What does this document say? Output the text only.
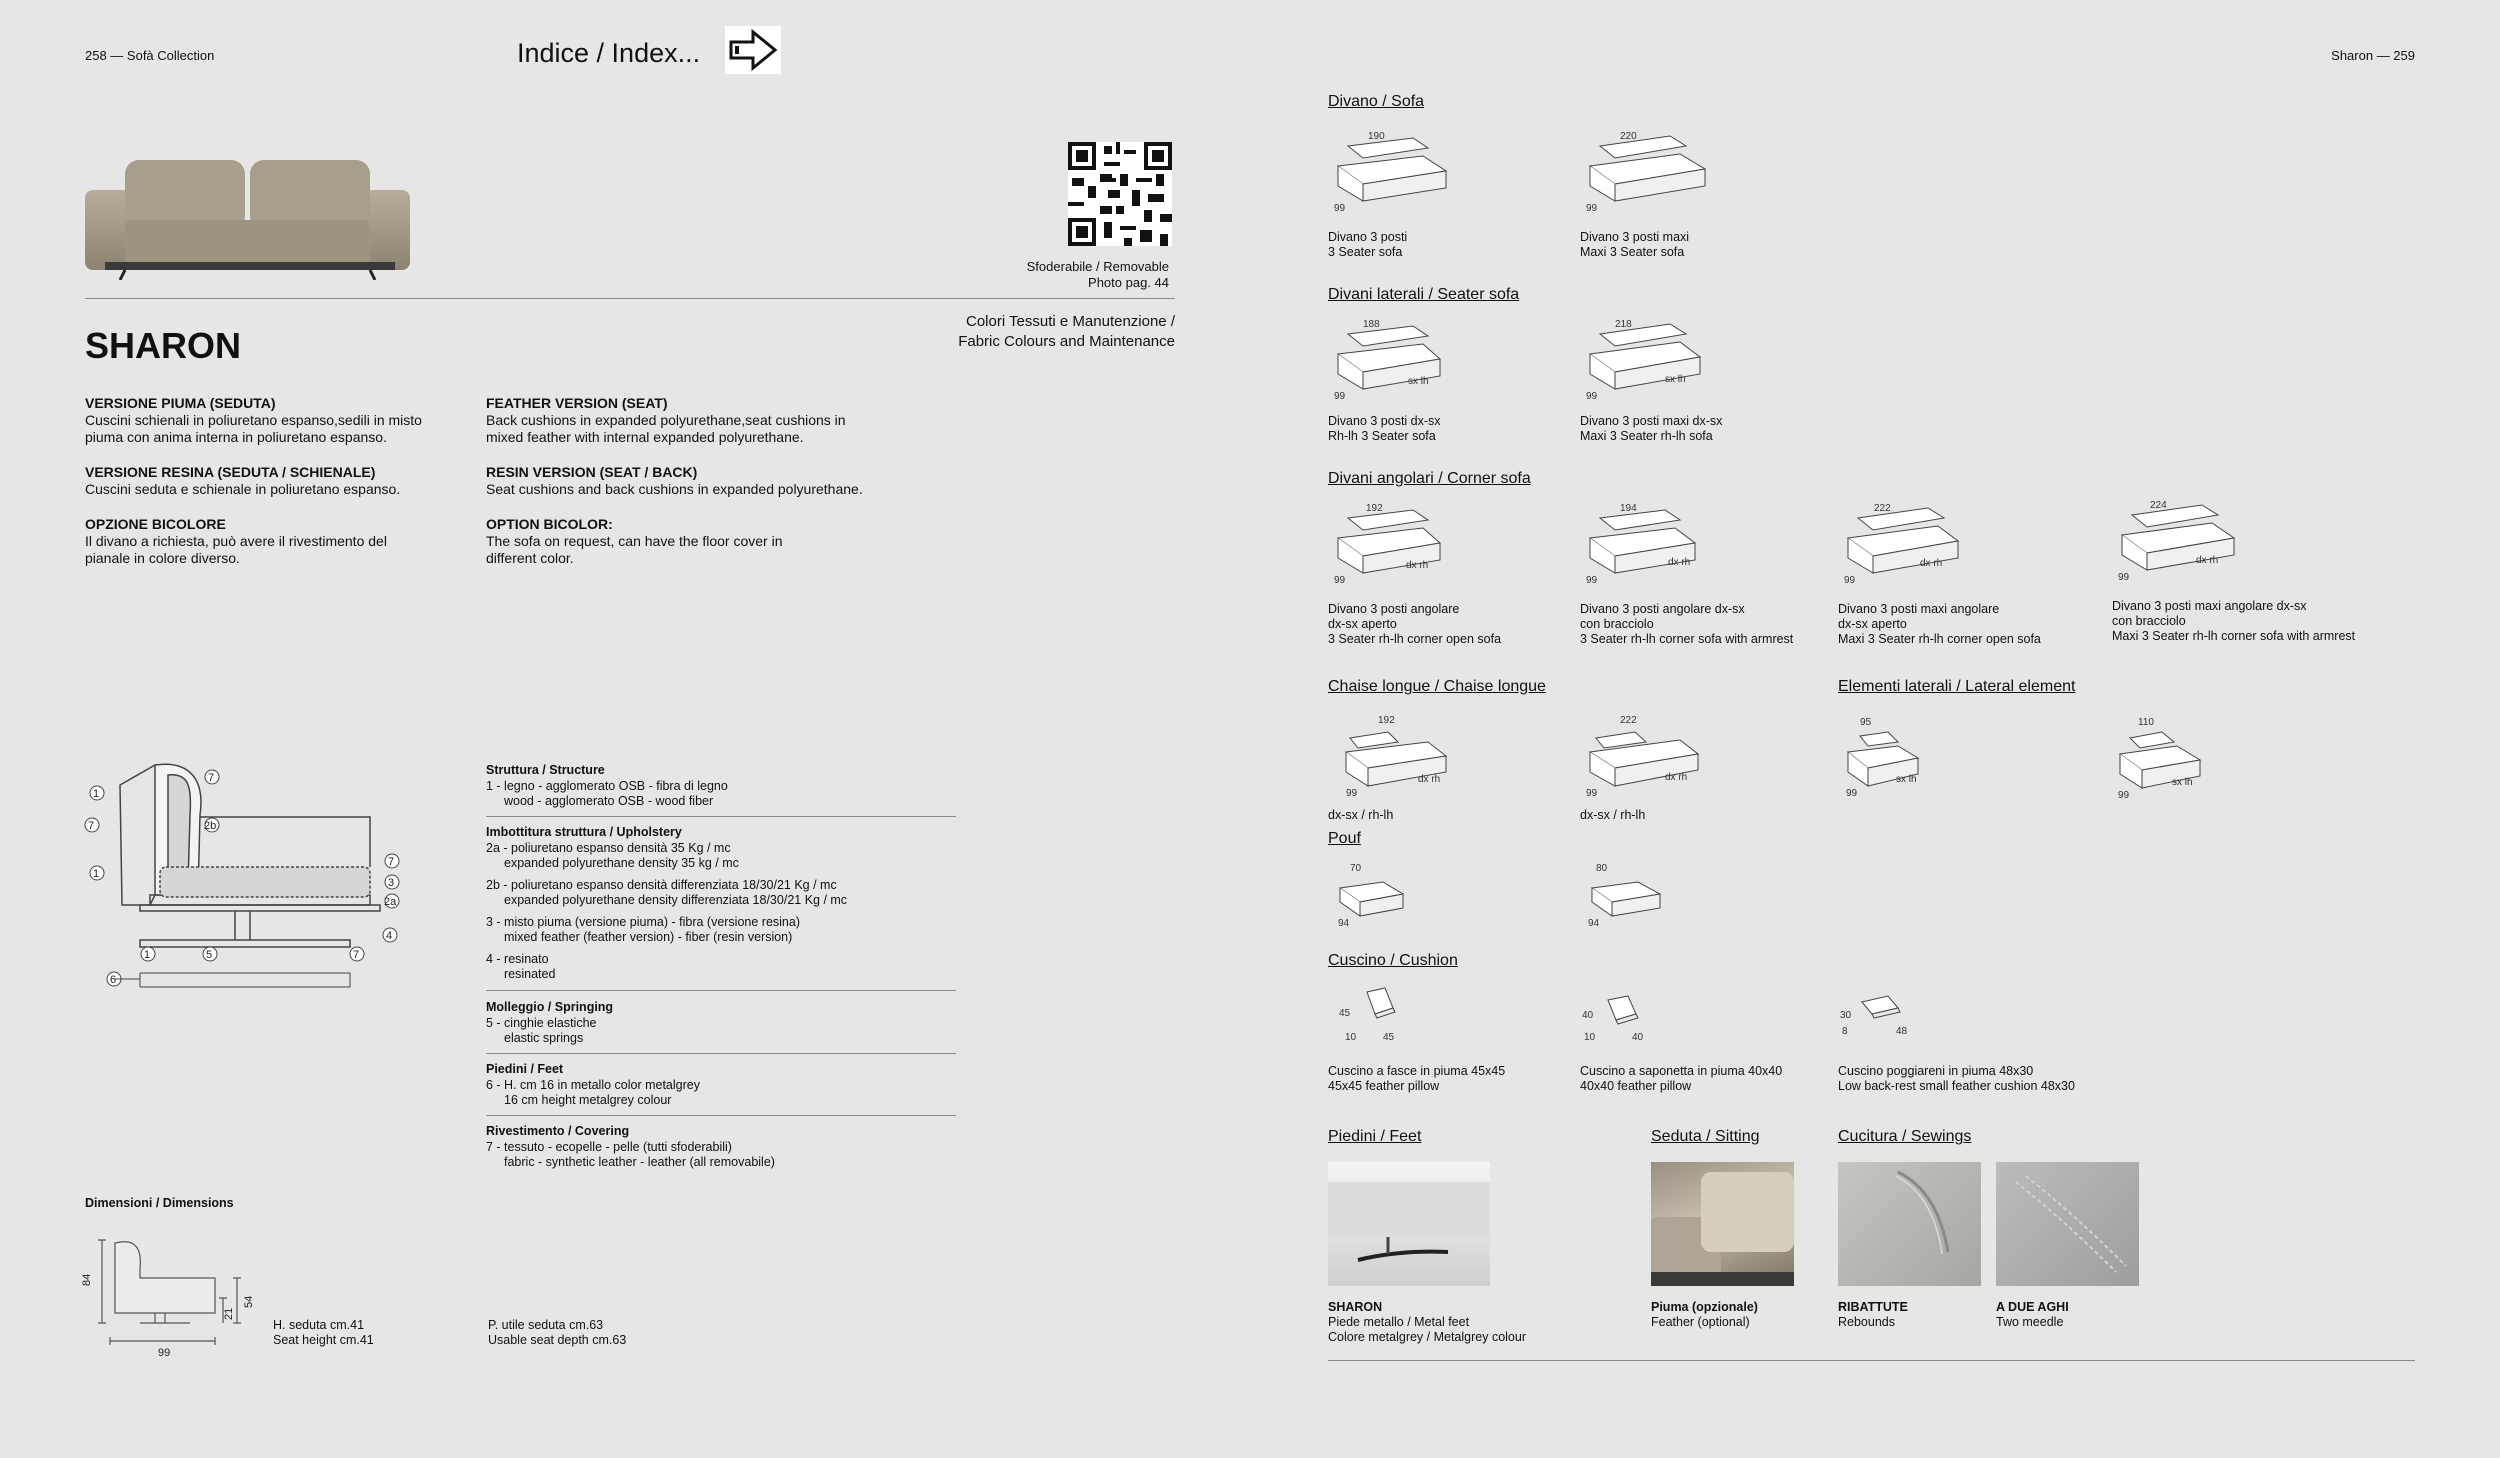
258 — Sofà Collection	Indice / Index...
Sfoderabile / Removable
Photo pag. 44
SHARON
Colori Tessuti e Manutenzione /
Fabric Colours and Maintenance
VERSIONE PIUMA (SEDUTA)
Cuscini schienali in poliuretano espanso,sedili in misto
piuma con anima interna in poliuretano espanso.
VERSIONE RESINA (SEDUTA / SCHIENALE)
Cuscini seduta e schienale in poliuretano espanso.
OPZIONE BICOLORE
Il divano a richiesta, può avere il rivestimento del
pianale in colore diverso.
FEATHER VERSION (SEAT)
Back cushions in expanded polyurethane,seat cushions in
mixed feather with internal expanded polyurethane.
RESIN VERSION (SEAT / BACK)
Seat cushions and back cushions in expanded polyurethane.
OPTION BICOLOR:
The sofa on request, can have the floor cover in
different color.
1
7
2b
1
7
7
3
2a
4
1	5	7
6
Struttura / Structure
1 - legno - agglomerato OSB - fibra di legno
wood - agglomerato OSB - wood fiber
Imbottitura struttura / Upholstery
2a - poliuretano espanso densità 35 Kg / mc
expanded polyurethane density 35 kg / mc
2b - poliuretano espanso densità differenziata 18/30/21 Kg / mc
expanded polyurethane density differenziata 18/30/21 Kg / mc
3 - misto piuma (versione piuma) - fibra (versione resina)
mixed feather (feather version) - fiber (resin version)
4 - resinato
resinated
Molleggio / Springing
5 - cinghie elastiche
elastic springs
Piedini / Feet
6 - H. cm 16 in metallo color metalgrey
16 cm height metalgrey colour
Rivestimento / Covering
7 - tessuto - ecopelle - pelle (tutti sfoderabili)
fabric - synthetic leather - leather (all removabile)
Dimensioni / Dimensions
84
54
21
99
H. seduta cm.41
Seat height cm.41
P. utile seduta cm.63
Usable seat depth cm.63
Sharon — 259
Divano / Sofa
190
99
Divano 3 posti
3 Seater sofa
220
99
Divano 3 posti maxi
Maxi 3 Seater sofa
Divani laterali / Seater sofa
188
99
sx lh
Divano 3 posti dx-sx
Rh-lh 3 Seater sofa
218
99
sx lh
Divano 3 posti maxi dx-sx
Maxi 3 Seater rh-lh sofa
Divani angolari / Corner sofa
192
99
dx rh
Divano 3 posti angolare
dx-sx aperto
3 Seater rh-lh corner open sofa
194
99
dx rh
Divano 3 posti angolare dx-sx
con bracciolo
3 Seater rh-lh corner sofa with armrest
222
99
dx rh
Divano 3 posti maxi angolare
dx-sx aperto
Maxi 3 Seater rh-lh corner open sofa
224
99
dx rh
Divano 3 posti maxi angolare dx-sx
con bracciolo
Maxi 3 Seater rh-lh corner sofa with armrest
Chaise longue / Chaise longue
192
99
dx rh
dx-sx / rh-lh
222
99
dx rh
dx-sx / rh-lh
Elementi laterali / Lateral element
95
99
sx lh
110
99
sx lh
Pouf
70
94
80
94
Cuscino / Cushion
45
10	45
Cuscino a fasce in piuma 45x45
45x45 feather pillow
40
10	40
Cuscino a saponetta in piuma 40x40
40x40 feather pillow
30
8	48
Cuscino poggiareni in piuma 48x30
Low back-rest small feather cushion 48x30
Piedini / Feet
SHARON
Piede metallo / Metal feet
Colore metalgrey / Metalgrey colour
Seduta / Sitting
Piuma (opzionale)
Feather (optional)
Cucitura / Sewings
RIBATTUTE
Rebounds
A DUE AGHI
Two meedle
